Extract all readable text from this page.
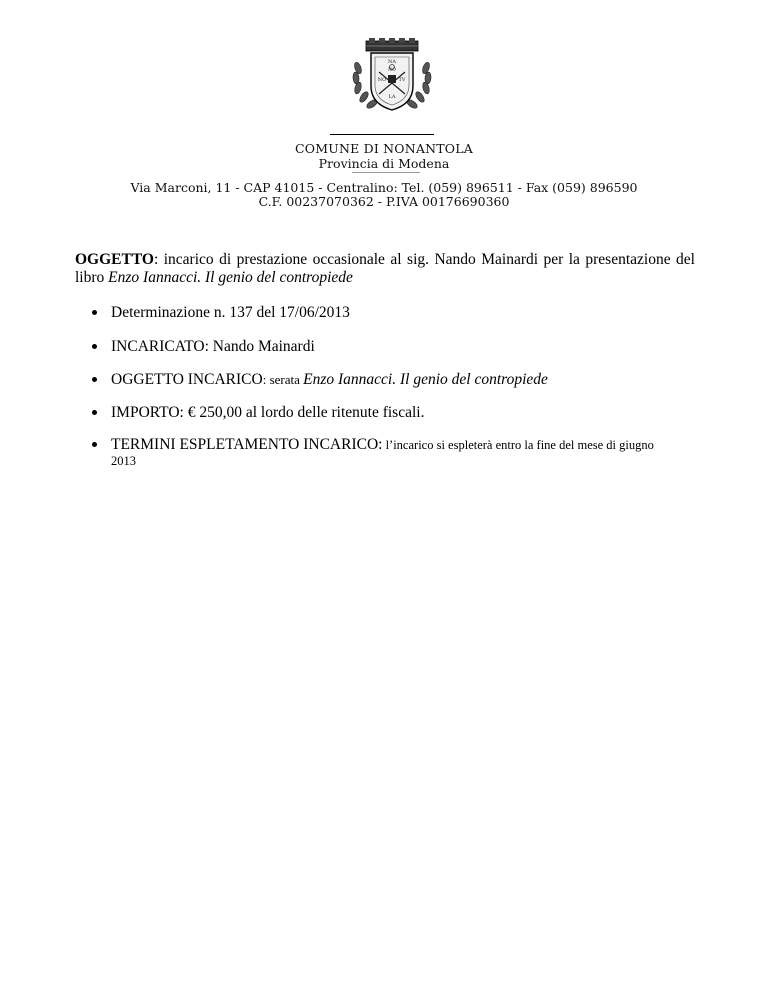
NA
NO
NO TV
LA
COMUNE DI NONANTOLA
Provincia di Modena
Via Marconi, 11 - CAP 41015 - Centralino: Tel. (059) 896511 - Fax (059) 896590
C.F. 00237070362 - P.IVA 00176690360
OGGETTO: incarico di prestazione occasionale al sig. Nando Mainardi per la presentazione del
libro Enzo Iannacci. Il genio del contropiede
Determinazione n. 137 del 17/06/2013
INCARICATO: Nando Mainardi
OGGETTO INCARICO: serata Enzo Iannacci. Il genio del contropiede
IMPORTO: € 250,00 al lordo delle ritenute fiscali.
TERMINI ESPLETAMENTO INCARICO: l’incarico si espleterà entro la fine del mese di giugno
2013
